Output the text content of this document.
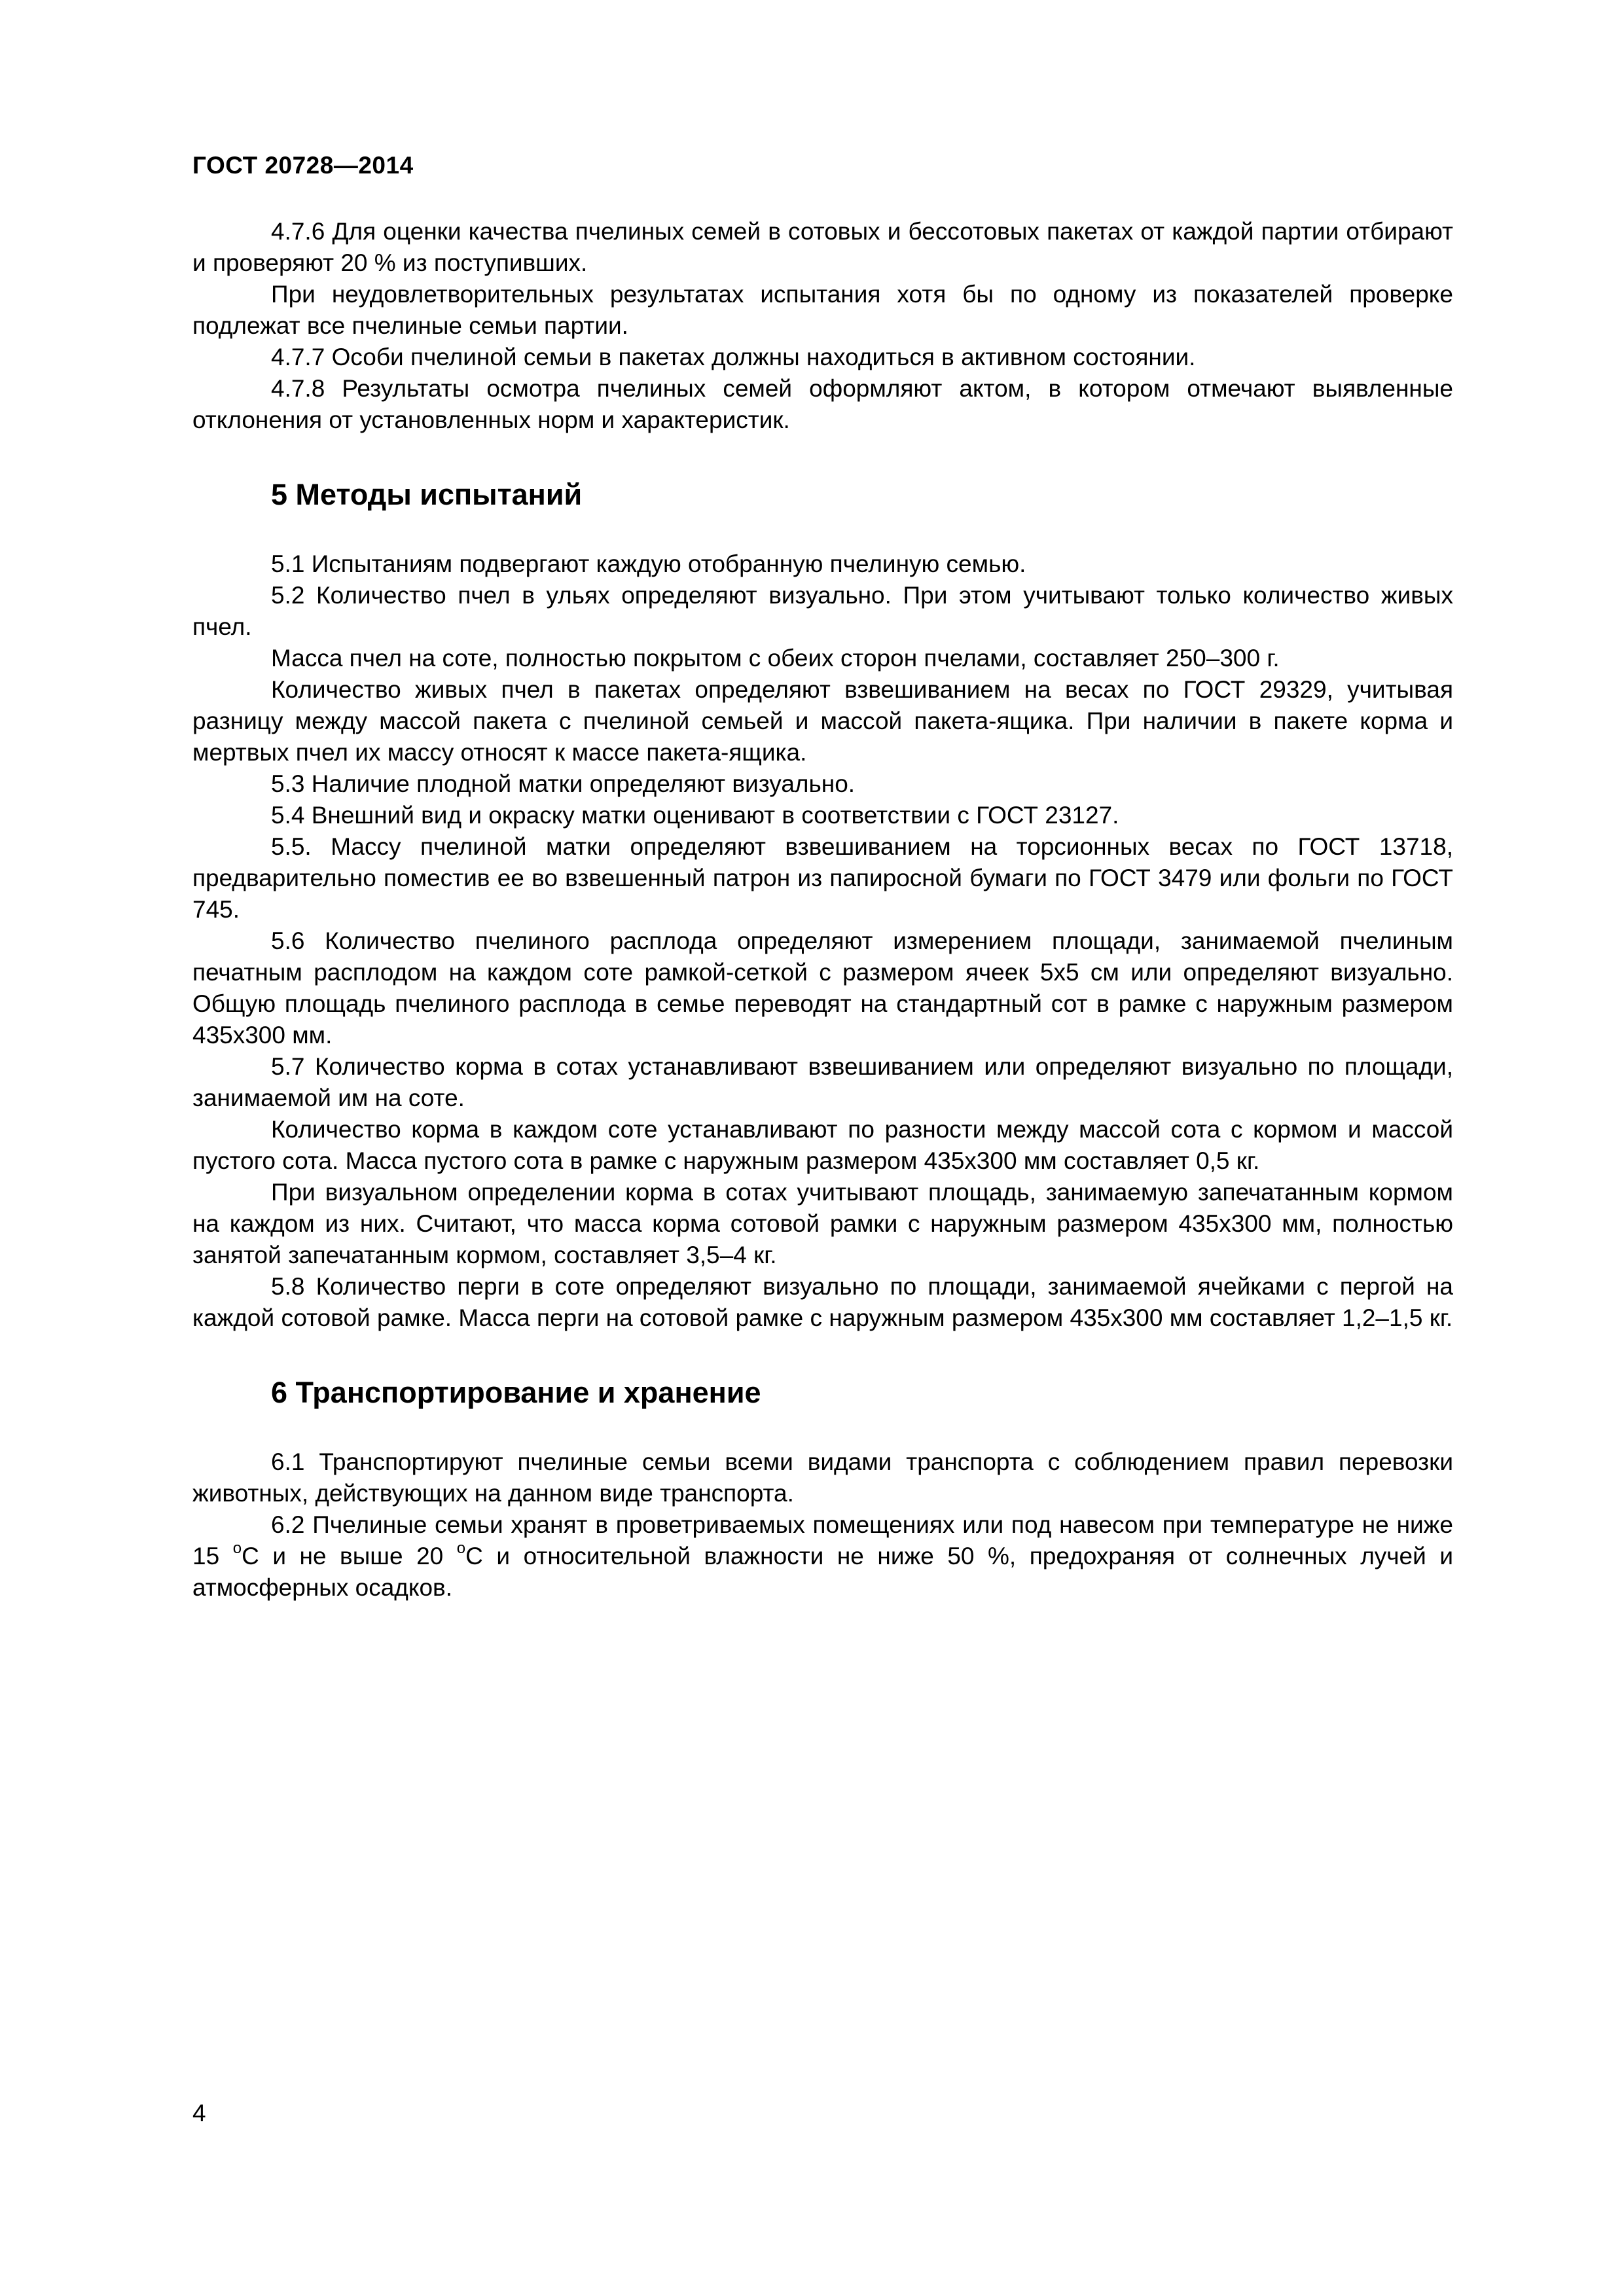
ГОСТ 20728—2014

4.7.6 Для оценки качества пчелиных семей в сотовых и бессотовых пакетах от каждой партии отбирают и проверяют 20 % из поступивших.

При неудовлетворительных результатах испытания хотя бы по одному из показателей проверке подлежат все пчелиные семьи партии.

4.7.7 Особи пчелиной семьи в пакетах должны находиться в активном состоянии.

4.7.8 Результаты осмотра пчелиных семей оформляют актом, в котором отмечают выявленные отклонения от установленных норм и характеристик.

5 Методы испытаний

5.1 Испытаниям подвергают каждую отобранную пчелиную семью.

5.2 Количество пчел в ульях определяют визуально. При этом учитывают только количество живых пчел.

Масса пчел на соте, полностью покрытом с обеих сторон пчелами, составляет 250–300 г.

Количество живых пчел в пакетах определяют взвешиванием на весах по ГОСТ 29329, учитывая разницу между массой пакета с пчелиной семьей и массой пакета-ящика. При наличии в пакете корма и мертвых пчел их массу относят к массе пакета-ящика.

5.3 Наличие плодной матки определяют визуально.

5.4 Внешний вид и окраску матки оценивают в соответствии с ГОСТ 23127.

5.5. Массу пчелиной матки определяют взвешиванием на торсионных весах по ГОСТ 13718, предварительно поместив ее во взвешенный патрон из папиросной бумаги по ГОСТ 3479 или фольги по ГОСТ 745.

5.6 Количество пчелиного расплода определяют измерением площади, занимаемой пчелиным печатным расплодом на каждом соте рамкой-сеткой с размером ячеек 5x5 см или определяют визуально. Общую площадь пчелиного расплода в семье переводят на стандартный сот в рамке с наружным размером 435x300 мм.

5.7 Количество корма в сотах устанавливают взвешиванием или определяют визуально по площади, занимаемой им на соте.

Количество корма в каждом соте устанавливают по разности между массой сота с кормом и массой пустого сота. Масса пустого сота в рамке с наружным размером 435x300 мм составляет 0,5 кг.

При визуальном определении корма в сотах учитывают площадь, занимаемую запечатанным кормом на каждом из них. Считают, что масса корма сотовой рамки с наружным размером 435x300 мм, полностью занятой запечатанным кормом, составляет 3,5–4 кг.

5.8 Количество перги в соте определяют визуально по площади, занимаемой ячейками с пергой на каждой сотовой рамке. Масса перги на сотовой рамке с наружным размером 435x300 мм составляет 1,2–1,5 кг.

6 Транспортирование и хранение

6.1 Транспортируют пчелиные семьи всеми видами транспорта с соблюдением правил перевозки животных, действующих на данном виде транспорта.

6.2 Пчелиные семьи хранят в проветриваемых помещениях или под навесом при температуре не ниже 15 $^о$С и не выше 20 $^о$С и относительной влажности не ниже 50 %, предохраняя от солнечных лучей и атмосферных осадков.

4
